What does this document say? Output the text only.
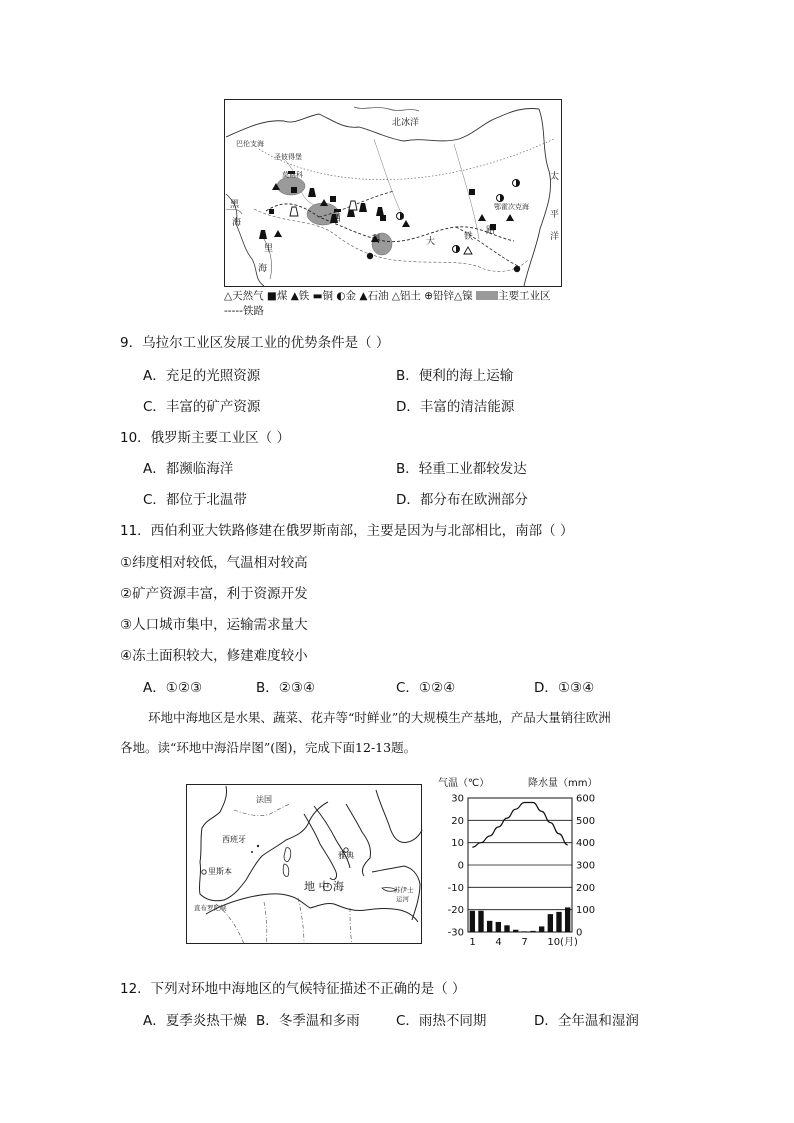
北冰洋
巴伦支海
圣彼得堡
莫斯科
黑
海
里
海
鄂霍次克海
太
平
洋
西
利	大	铁
路
△天然气 ■煤 ▲铁 ▬铜 ◐金 ▲石油 △铝土 ⊕铅锌△镍 主要工业区
-----铁路
9．乌拉尔工业区发展工业的优势条件是（ ）
A．充足的光照资源	B．便利的海上运输
C．丰富的矿产资源	D．丰富的清洁能源
10．俄罗斯主要工业区（ ）
A．都濒临海洋	B．轻重工业都较发达
C．都位于北温带	D．都分布在欧洲部分
11．西伯利亚大铁路修建在俄罗斯南部，主要是因为与北部相比，南部（ ）
①纬度相对较低，气温相对较高
②矿产资源丰富，利于资源开发
③人口城市集中，运输需求量大
④冻土面积较大，修建难度较小
A．①②③	B．②③④	C．①②④	D．①③④
环地中海地区是水果、蔬菜、花卉等“时鲜业”的大规模生产基地，产品大量销往欧洲
各地。读“环地中海沿岸图”(图)，完成下面12-13题。
法国
西班牙
里斯本
直布罗陀峡
雅典
地 中 海	苏伊士
运河
气温（℃）	降水量（mm）
30
20
10
0
-10
-20
-30
600
500
400
300
200
100
0
1 4 7 10(月)
12．下列对环地中海地区的气候特征描述不正确的是（ ）
A．夏季炎热干燥 B．冬季温和多雨	C．雨热不同期	D．全年温和湿润
